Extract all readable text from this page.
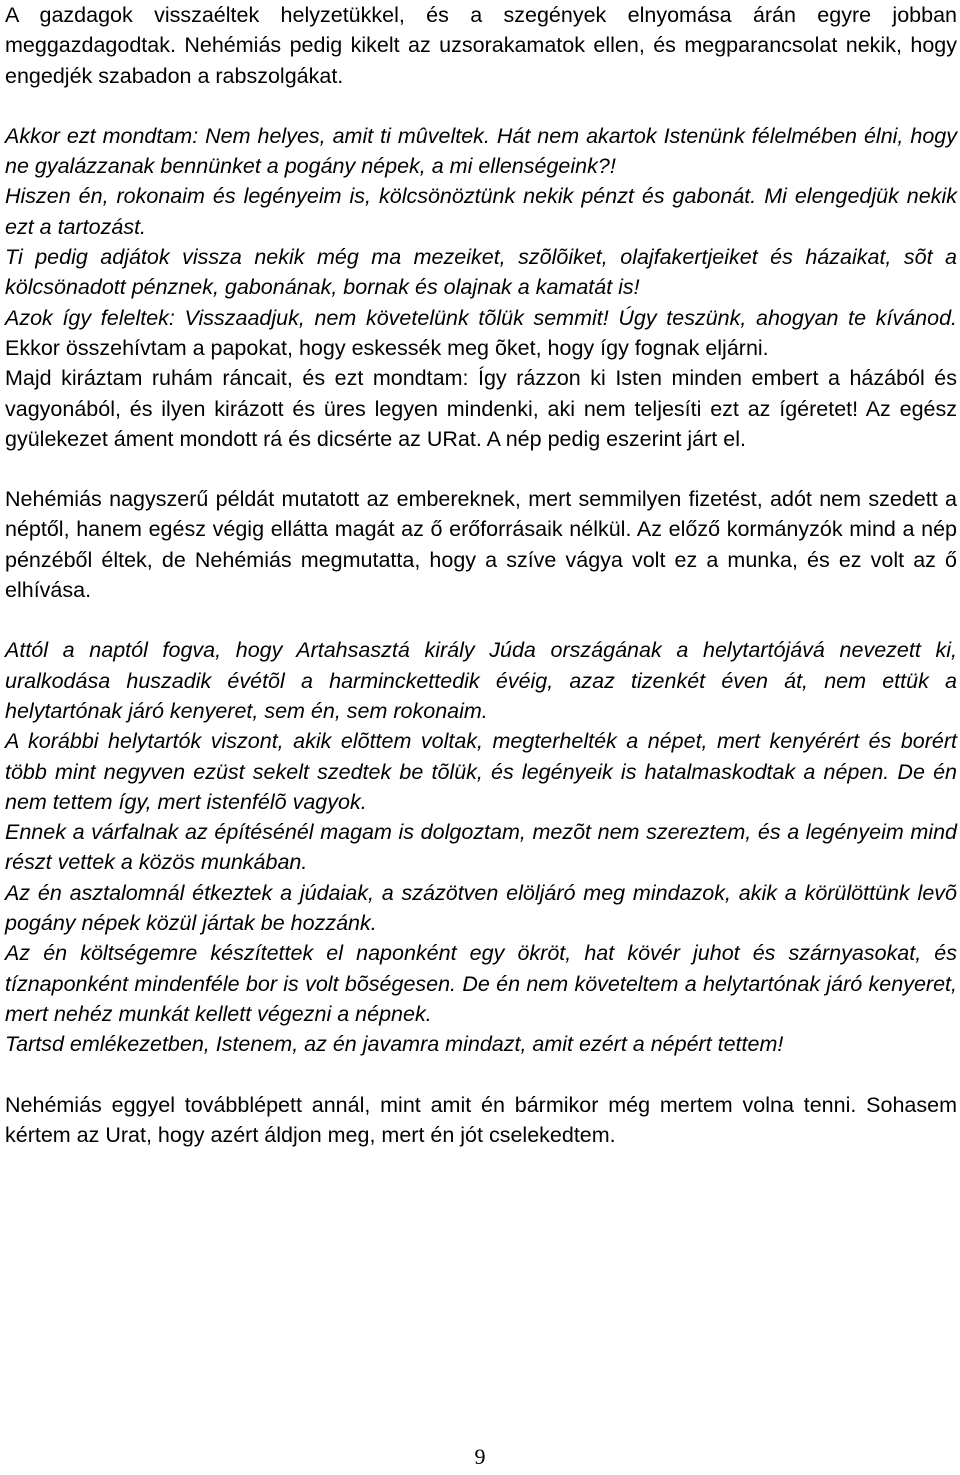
A gazdagok visszaéltek helyzetükkel, és a szegények elnyomása árán egyre jobban meggazdagodtak. Nehémiás pedig kikelt az uzsorakamatok ellen, és megparancsolat nekik, hogy engedjék szabadon a rabszolgákat.

Akkor ezt mondtam: Nem helyes, amit ti mûveltek. Hát nem akartok Istenünk félelmében élni, hogy ne gyalázzanak bennünket a pogány népek, a mi ellenségeink?!

Hiszen én, rokonaim és legényeim is, kölcsönöztünk nekik pénzt és gabonát. Mi elengedjük nekik ezt a tartozást.

Ti pedig adjátok vissza nekik még ma mezeiket, szõlõiket, olajfakertjeiket és házaikat, sõt a kölcsönadott pénznek, gabonának, bornak és olajnak a kamatát is!

Azok így feleltek: Visszaadjuk, nem követelünk tõlük semmit! Úgy teszünk, ahogyan te kívánod. Ekkor összehívtam a papokat, hogy eskessék meg õket, hogy így fognak eljárni.

Majd kiráztam ruhám ráncait, és ezt mondtam: Így rázzon ki Isten minden embert a házából és vagyonából, és ilyen kirázott és üres legyen mindenki, aki nem teljesíti ezt az ígéretet! Az egész gyülekezet áment mondott rá és dicsérte az URat. A nép pedig eszerint járt el.

Nehémiás nagyszerű példát mutatott az embereknek, mert semmilyen fizetést, adót nem szedett a néptől, hanem egész végig ellátta magát az ő erőforrásaik nélkül. Az előző kormányzók mind a nép pénzéből éltek, de Nehémiás megmutatta, hogy a szíve vágya volt ez a munka, és ez volt az ő elhívása.

Attól a naptól fogva, hogy Artahsasztá király Júda országának a helytartójává nevezett ki, uralkodása huszadik évétõl a harminckettedik évéig, azaz tizenkét éven át, nem ettük a helytartónak járó kenyeret, sem én, sem rokonaim.

A korábbi helytartók viszont, akik elõttem voltak, megterhelték a népet, mert kenyérért és borért több mint negyven ezüst sekelt szedtek be tõlük, és legényeik is hatalmaskodtak a népen. De én nem tettem így, mert istenfélõ vagyok.

Ennek a várfalnak az építésénél magam is dolgoztam, mezõt nem szereztem, és a legényeim mind részt vettek a közös munkában.

Az én asztalomnál étkeztek a júdaiak, a százötven elöljáró meg mindazok, akik a körülöttünk levõ pogány népek közül jártak be hozzánk.

Az én költségemre készítettek el naponként egy ökröt, hat kövér juhot és szárnyasokat, és tíznaponként mindenféle bor is volt bõségesen. De én nem követeltem a helytartónak járó kenyeret, mert nehéz munkát kellett végezni a népnek.

Tartsd emlékezetben, Istenem, az én javamra mindazt, amit ezért a népért tettem!

Nehémiás eggyel továbblépett annál, mint amit én bármikor még mertem volna tenni. Sohasem kértem az Urat, hogy azért áldjon meg, mert én jót cselekedtem.

9
